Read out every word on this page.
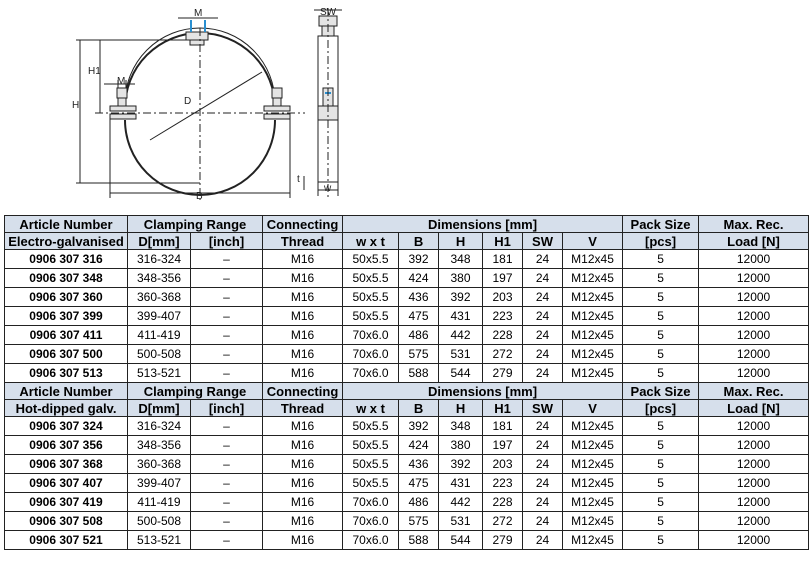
M	SW
H1
H
M
D
B
t
w
Article Number	Clamping Range		Connecting	Dimensions [mm]						Pack Size	Max. Rec.
Electro-galvanised	D[mm]	[inch]	Thread	w x t	B	H	H1	SW	V	[pcs]	Load [N]
0906 307 316	316-324	–	M16	50x5.5	392	348	181	24	M12x45	5	12000
0906 307 348	348-356	–	M16	50x5.5	424	380	197	24	M12x45	5	12000
0906 307 360	360-368	–	M16	50x5.5	436	392	203	24	M12x45	5	12000
0906 307 399	399-407	–	M16	50x5.5	475	431	223	24	M12x45	5	12000
0906 307 411	411-419	–	M16	70x6.0	486	442	228	24	M12x45	5	12000
0906 307 500	500-508	–	M16	70x6.0	575	531	272	24	M12x45	5	12000
0906 307 513	513-521	–	M16	70x6.0	588	544	279	24	M12x45	5	12000
Article Number	Clamping Range		Connecting	Dimensions [mm]						Pack Size	Max. Rec.
Hot-dipped galv.	D[mm]	[inch]	Thread	w x t	B	H	H1	SW	V	[pcs]	Load [N]
0906 307 324	316-324	–	M16	50x5.5	392	348	181	24	M12x45	5	12000
0906 307 356	348-356	–	M16	50x5.5	424	380	197	24	M12x45	5	12000
0906 307 368	360-368	–	M16	50x5.5	436	392	203	24	M12x45	5	12000
0906 307 407	399-407	–	M16	50x5.5	475	431	223	24	M12x45	5	12000
0906 307 419	411-419	–	M16	70x6.0	486	442	228	24	M12x45	5	12000
0906 307 508	500-508	–	M16	70x6.0	575	531	272	24	M12x45	5	12000
0906 307 521	513-521	–	M16	70x6.0	588	544	279	24	M12x45	5	12000
